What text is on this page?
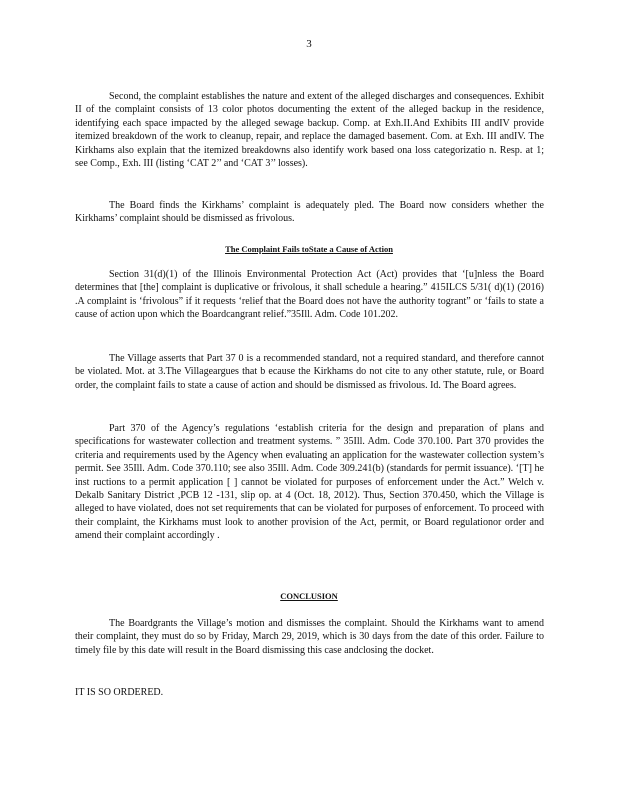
3

Second, the complaint establishes the nature and extent of the alleged discharges and consequences. Exhibit II of the complaint consists of 13 color photos documenting the extent of the alleged backup in the residence, identifying each space impacted by the alleged sewage backup. Comp. at Exh.II.And Exhibits III andIV provide itemized breakdown of the work to cleanup, repair, and replace the damaged basement. Com. at Exh. III andIV. The Kirkhams also explain that the itemized breakdowns also identify work based ona loss categorizatio n. Resp. at 1; see Comp., Exh. III (listing ‘CAT 2’’ and ‘CAT 3’’ losses).

The Board finds the Kirkhams’ complaint is adequately pled. The Board now considers whether the Kirkhams’ complaint should be dismissed as frivolous.

The Complaint Fails toState a Cause of Action

Section 31(d)(1) of the Illinois Environmental Protection Act (Act) provides that ‘[u]nless the Board determines that [the] complaint is duplicative or frivolous, it shall schedule a hearing.” 415ILCS 5/31( d)(1) (2016) .A complaint is ‘frivolous” if it requests ‘relief that the Board does not have the authority togrant” or ‘fails to state a cause of action upon which the Boardcangrant relief.”35Ill. Adm. Code 101.202.

The Village asserts that Part 37 0 is a recommended standard, not a required standard, and therefore cannot be violated. Mot. at 3.The Villageargues that b ecause the Kirkhams do not cite to any other statute, rule, or Board order, the complaint fails to state a cause of action and should be dismissed as frivolous. Id. The Board agrees.

Part 370 of the Agency’s regulations ‘establish criteria for the design and preparation of plans and specifications for wastewater collection and treatment systems. ” 35Ill. Adm. Code 370.100. Part 370 provides the criteria and requirements used by the Agency when evaluating an application for the wastewater collection system’s permit. See 35Ill. Adm. Code 370.110; see also 35Ill. Adm. Code 309.241(b) (standards for permit issuance). ‘[T] he inst ructions to a permit application [ ] cannot be violated for purposes of enforcement under the Act.” Welch v. Dekalb Sanitary District ,PCB 12 -131, slip op. at 4 (Oct. 18, 2012). Thus, Section 370.450, which the Village is alleged to have violated, does not set requirements that can be violated for purposes of enforcement. To proceed with their complaint, the Kirkhams must look to another provision of the Act, permit, or Board regulationor order and amend their complaint accordingly .

CONCLUSION

The Boardgrants the Village’s motion and dismisses the complaint. Should the Kirkhams want to amend their complaint, they must do so by Friday, March 29, 2019, which is 30 days from the date of this order. Failure to timely file by this date will result in the Board dismissing this case andclosing the docket.

IT IS SO ORDERED.
